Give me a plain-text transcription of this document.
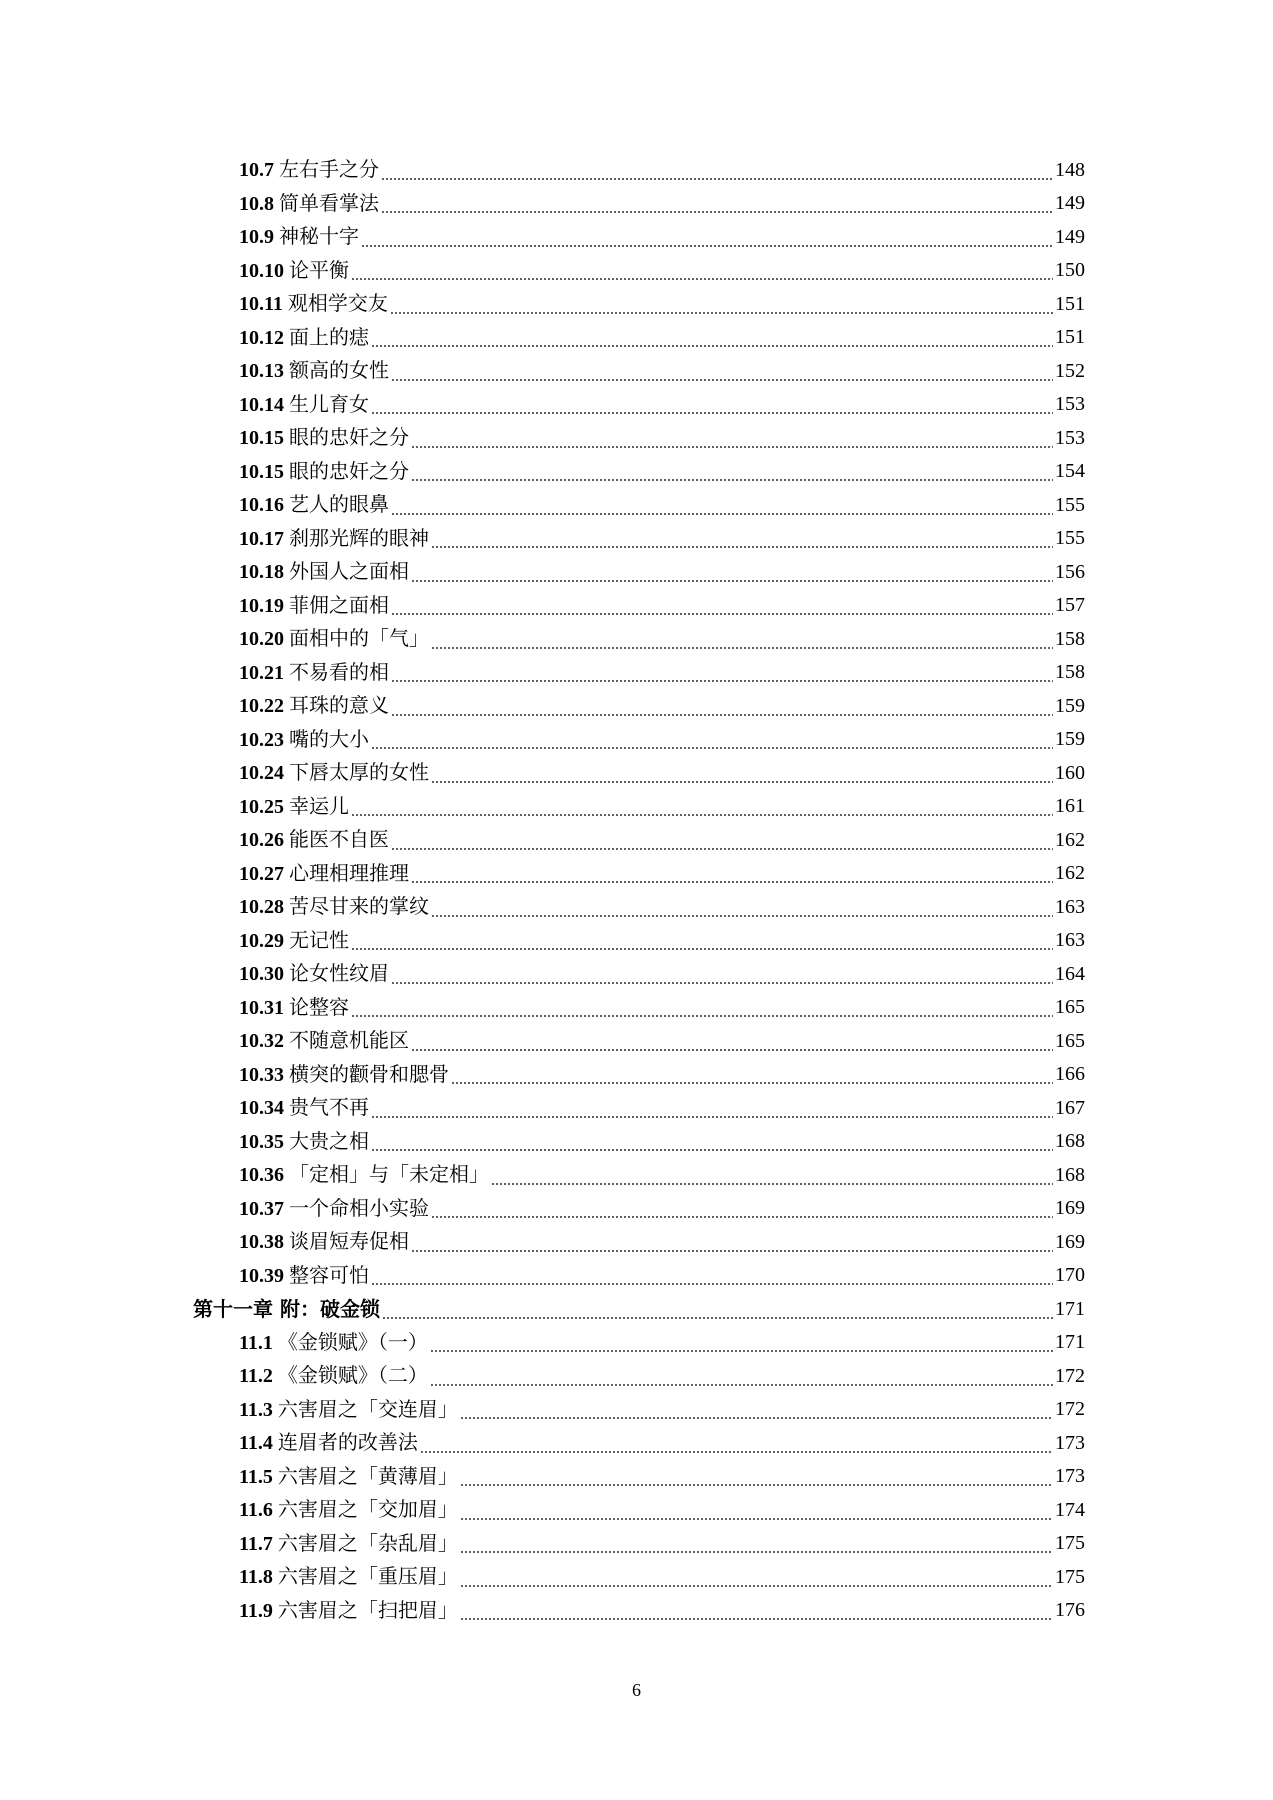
10.7 左右手之分	148
10.8 简单看掌法	149
10.9 神秘十字	149
10.10 论平衡	150
10.11 观相学交友	151
10.12 面上的痣	151
10.13 额高的女性	152
10.14 生儿育女	153
10.15 眼的忠奸之分	153
10.15 眼的忠奸之分	154
10.16 艺人的眼鼻	155
10.17 刹那光辉的眼神	155
10.18 外国人之面相	156
10.19 菲佣之面相	157
10.20 面相中的「气」	158
10.21 不易看的相	158
10.22 耳珠的意义	159
10.23 嘴的大小	159
10.24 下唇太厚的女性	160
10.25 幸运儿	161
10.26 能医不自医	162
10.27 心理相理推理	162
10.28 苦尽甘来的掌纹	163
10.29 无记性	163
10.30 论女性纹眉	164
10.31 论整容	165
10.32 不随意机能区	165
10.33 横突的颧骨和腮骨	166
10.34 贵气不再	167
10.35 大贵之相	168
10.36 「定相」与「未定相」	168
10.37 一个命相小实验	169
10.38 谈眉短寿促相	169
10.39 整容可怕	170
第十一章 附：破金锁	171
11.1 《金锁赋》（一）	171
11.2 《金锁赋》（二）	172
11.3 六害眉之「交连眉」	172
11.4 连眉者的改善法	173
11.5 六害眉之「黄薄眉」	173
11.6 六害眉之「交加眉」	174
11.7 六害眉之「杂乱眉」	175
11.8 六害眉之「重压眉」	175
11.9 六害眉之「扫把眉」	176
6
